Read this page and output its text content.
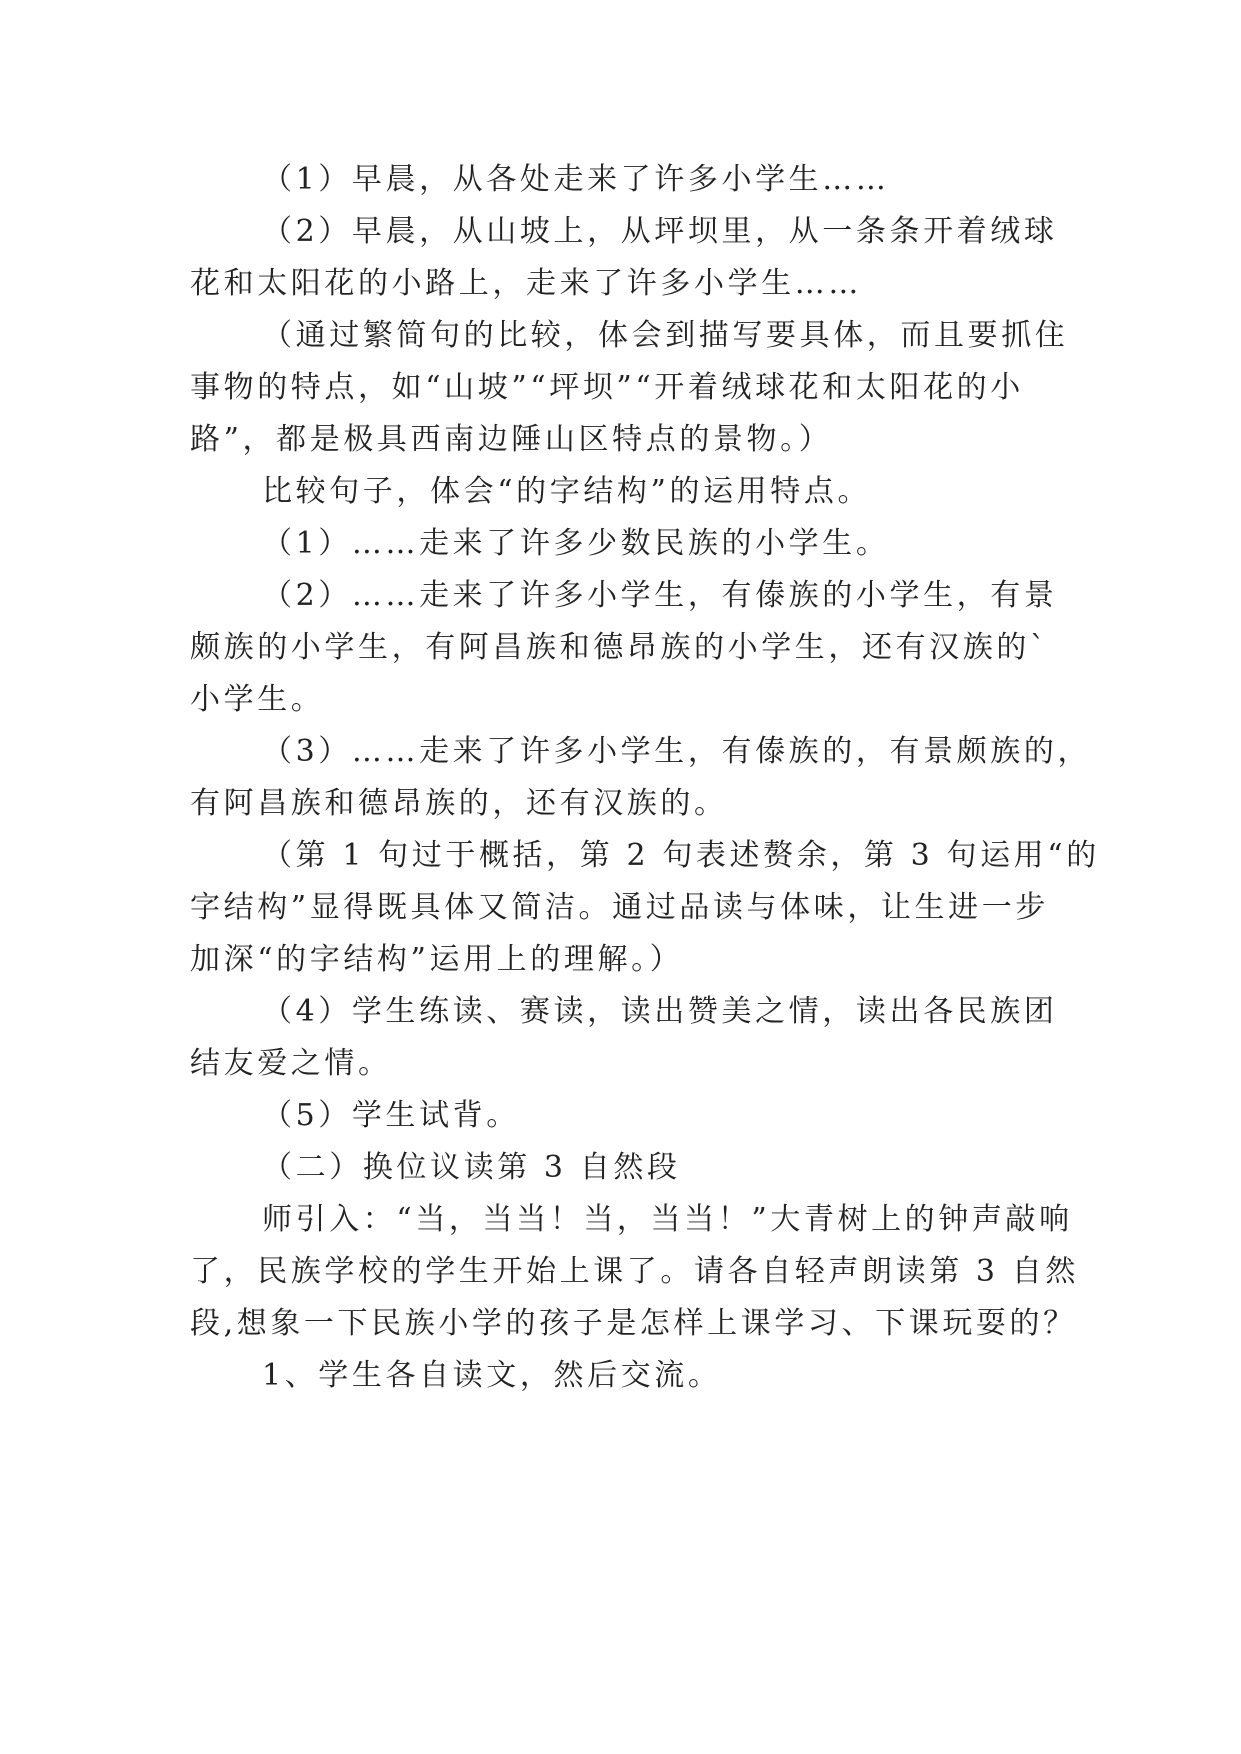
（1）早晨，从各处走来了许多小学生……
（2）早晨，从山坡上，从坪坝里，从一条条开着绒球
花和太阳花的小路上，走来了许多小学生……
（通过繁简句的比较，体会到描写要具体，而且要抓住
事物的特点，如“山坡”“坪坝”“开着绒球花和太阳花的小
路”，都是极具西南边陲山区特点的景物。）
比较句子，体会“的字结构”的运用特点。
（1）……走来了许多少数民族的小学生。
（2）……走来了许多小学生，有傣族的小学生，有景
颇族的小学生，有阿昌族和德昂族的小学生，还有汉族的`
小学生。
（3）……走来了许多小学生，有傣族的，有景颇族的，
有阿昌族和德昂族的，还有汉族的。
（第 1 句过于概括，第 2 句表述赘余，第 3 句运用“的
字结构”显得既具体又简洁。通过品读与体味，让生进一步
加深“的字结构”运用上的理解。）
（4）学生练读、赛读，读出赞美之情，读出各民族团
结友爱之情。
（5）学生试背。
（二）换位议读第 3 自然段
师引入：“当，当当！当，当当！”大青树上的钟声敲响
了，民族学校的学生开始上课了。请各自轻声朗读第 3 自然
段,想象一下民族小学的孩子是怎样上课学习、下课玩耍的？
1、学生各自读文，然后交流。
